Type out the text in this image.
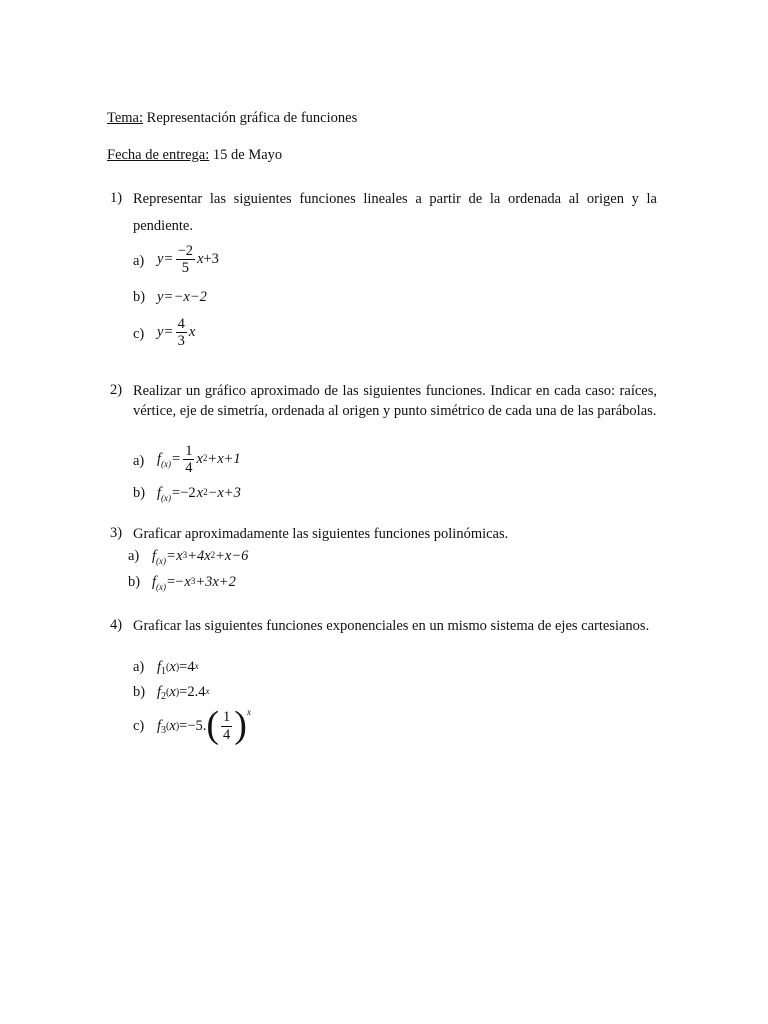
Tema: Representación gráfica de funciones
Fecha de entrega: 15 de Mayo
1) Representar las siguientes funciones lineales a partir de la ordenada al origen y la pendiente.
a) $y = \frac{-2}{5}$ x +3
b) y = −x−2
c) $y = \frac{4}{3}$ x
2) Realizar un gráfico aproximado de las siguientes funciones. Indicar en cada caso: raíces, vértice, eje de simetría, ordenada al origen y punto simétrico de cada una de las parábolas.
a) f $(x) = \frac{1}{4} x^2 +x+1$
b) f (x) =−2 $x^2 -x+3$
3) Graficar aproximadamente las siguientes funciones polinómicas.
a) f $(x) = x^3 +4x^2 +x-6$
b) f $(x) =- x^3 +3x+2$
4) Graficar las siguientes funciones exponenciales en un mismo sistema de ejes cartesianos.
a) f 1 ( x ) $=4^x$
b) f 2 ( x ) $=2.4^x$
c) f 3 ( x ) =−5. ( $\frac{1}{4} )^x$
